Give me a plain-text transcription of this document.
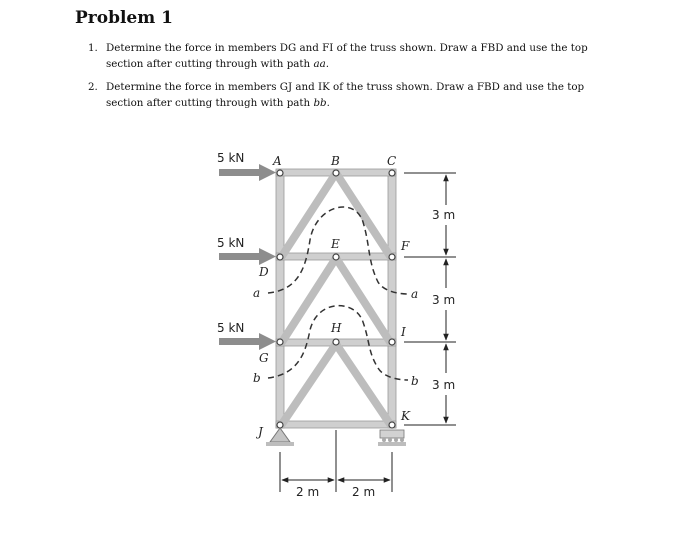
Problem 1
1. Determine the force in members DG and FI of the truss shown. Draw a FBD and use the top section after cutting through with path aa.
2. Determine the force in members GJ and IK of the truss shown. Draw a FBD and use the top section after cutting through with path bb.
5 kN
5 kN
5 kN
A	B	C
D
E	F
G
H	I
J
K
a	a
b	b
3 m
3 m
3 m
2 m	2 m
